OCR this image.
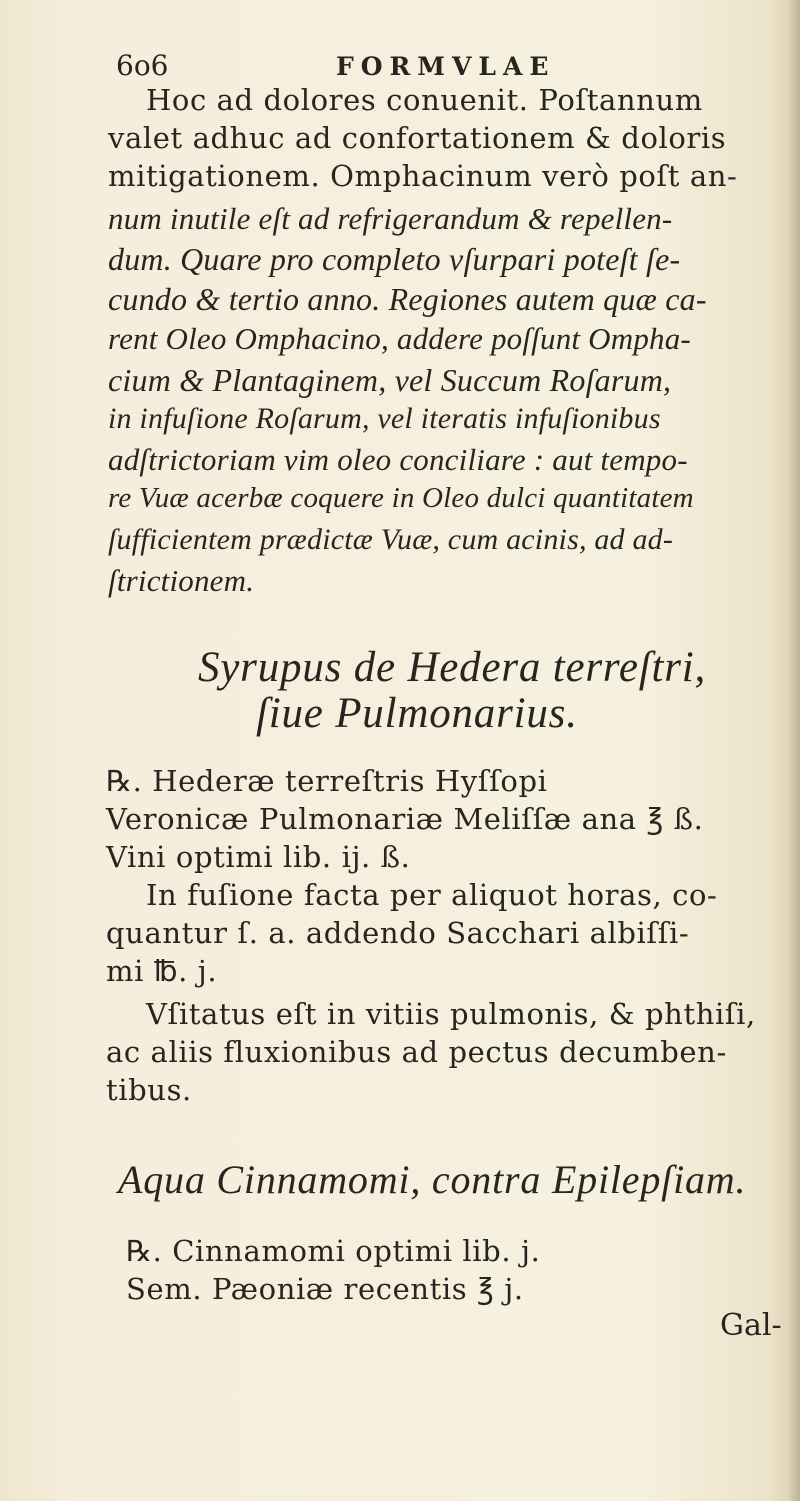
6o6	FORMVLAE
Hoc ad dolores conuenit. Poſtannum
valet adhuc ad confortationem & doloris
mitigationem. Omphacinum verò poſt an-
num inutile eſt ad refrigerandum & repellen-
dum. Quare pro completo vſurpari poteſt ſe-
cundo & tertio anno. Regiones autem quæ ca-
rent Oleo Omphacino, addere poſſunt Ompha-
cium & Plantaginem, vel Succum Roſarum,
in infuſione Roſarum, vel iteratis infuſionibus
adſtrictoriam vim oleo conciliare : aut tempo-
re Vuæ acerbæ coquere in Oleo dulci quantitatem
ſufficientem prædictæ Vuæ, cum acinis, ad ad-
ſtrictionem.
Syrupus de Hedera terreſtri,
ſiue Pulmonarius.
℞. Hederæ terreſtris Hyſſopi
Veronicæ Pulmonariæ Meliſſæ ana ℥ ß.
Vini optimi lib. ij. ß.
In fuſione facta per aliquot horas, co-
quantur ſ. a. addendo Sacchari albiſſi-
mi ℔. j.
Vſitatus eſt in vitiis pulmonis, & phthiſi,
ac aliis fluxionibus ad pectus decumben-
tibus.
Aqua Cinnamomi, contra Epilepſiam.
℞. Cinnamomi optimi lib. j.
Sem. Pæoniæ recentis ℥ j.
Gal-
